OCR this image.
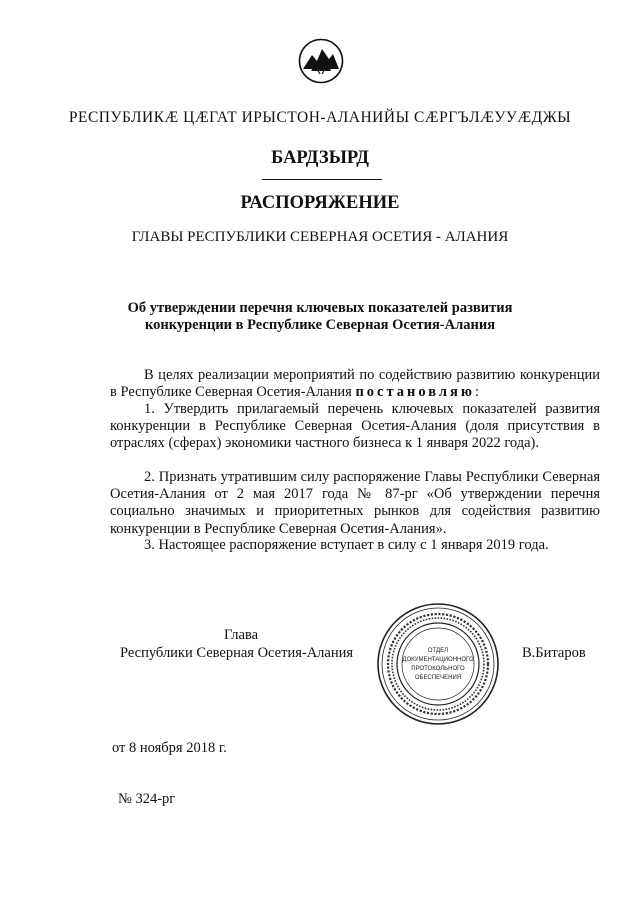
РЕСПУБЛИКӔ ЦӔГАТ ИРЫСТОН-АЛАНИЙЫ СӔРГЪЛӔУУӔДЖЫ
БАРДЗЫРД
РАСПОРЯЖЕНИЕ
ГЛАВЫ РЕСПУБЛИКИ СЕВЕРНАЯ ОСЕТИЯ - АЛАНИЯ
Об утверждении перечня ключевых показателей развития
конкуренции в Республике Северная Осетия-Алания
В целях реализации мероприятий по содействию развитию конкуренции в Республике Северная Осетия-Алания постановляю:
1. Утвердить прилагаемый перечень ключевых показателей развития конкуренции в Республике Северная Осетия-Алания (доля присутствия в отраслях (сферах) экономики частного бизнеса к 1 января 2022 года).
2. Признать утратившим силу распоряжение Главы Республики Северная Осетия-Алания от 2 мая 2017 года № 87-рг «Об утверждении перечня социально значимых и приоритетных рынков для содействия развитию конкуренции в Республике Северная Осетия-Алания».
3. Настоящее распоряжение вступает в силу с 1 января 2019 года.
Глава
Республики Северная Осетия-Алания	В.Битаров
ОТДЕЛ
ДОКУМЕНТАЦИОННОГО
ПРОТОКОЛЬНОГО
ОБЕСПЕЧЕНИЯ
от 8 ноября 2018 г.
№ 324-рг
